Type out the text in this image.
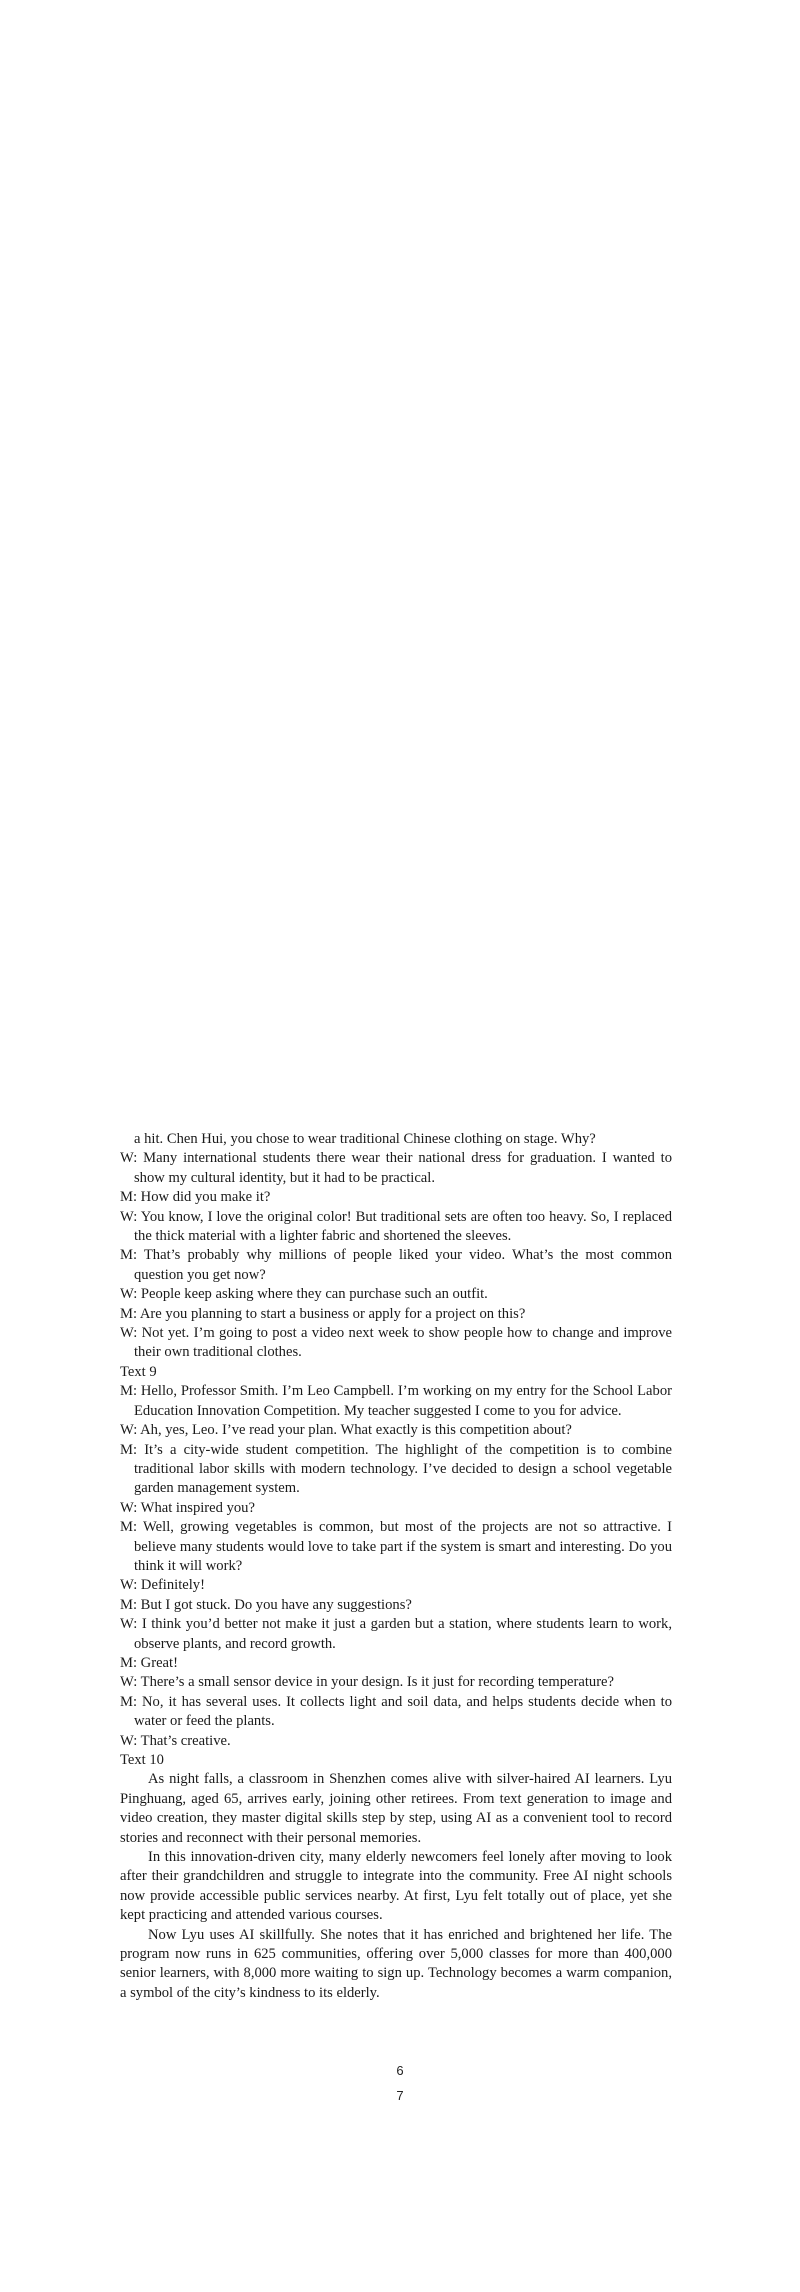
a hit. Chen Hui, you chose to wear traditional Chinese clothing on stage. Why?

W: Many international students there wear their national dress for graduation. I wanted to show my cultural identity, but it had to be practical.

M: How did you make it?

W: You know, I love the original color! But traditional sets are often too heavy. So, I replaced the thick material with a lighter fabric and shortened the sleeves.

M: That’s probably why millions of people liked your video. What’s the most common question you get now?

W: People keep asking where they can purchase such an outfit.

M: Are you planning to start a business or apply for a project on this?

W: Not yet. I’m going to post a video next week to show people how to change and improve their own traditional clothes.

Text 9

M: Hello, Professor Smith. I’m Leo Campbell. I’m working on my entry for the School Labor Education Innovation Competition. My teacher suggested I come to you for advice.

W: Ah, yes, Leo. I’ve read your plan. What exactly is this competition about?

M: It’s a city-wide student competition. The highlight of the competition is to combine traditional labor skills with modern technology. I’ve decided to design a school vegetable garden management system.

W: What inspired you?

M: Well, growing vegetables is common, but most of the projects are not so attractive. I believe many students would love to take part if the system is smart and interesting. Do you think it will work?

W: Definitely!

M: But I got stuck. Do you have any suggestions?

W: I think you’d better not make it just a garden but a station, where students learn to work, observe plants, and record growth.

M: Great!

W: There’s a small sensor device in your design. Is it just for recording temperature?

M: No, it has several uses. It collects light and soil data, and helps students decide when to water or feed the plants.

W: That’s creative.

Text 10

As night falls, a classroom in Shenzhen comes alive with silver-haired AI learners. Lyu Pinghuang, aged 65, arrives early, joining other retirees. From text generation to image and video creation, they master digital skills step by step, using AI as a convenient tool to record stories and reconnect with their personal memories.

In this innovation-driven city, many elderly newcomers feel lonely after moving to look after their grandchildren and struggle to integrate into the community. Free AI night schools now provide accessible public services nearby. At first, Lyu felt totally out of place, yet she kept practicing and attended various courses.

Now Lyu uses AI skillfully. She notes that it has enriched and brightened her life. The program now runs in 625 communities, offering over 5,000 classes for more than 400,000 senior learners, with 8,000 more waiting to sign up. Technology becomes a warm companion, a symbol of the city’s kindness to its elderly.

6
7
